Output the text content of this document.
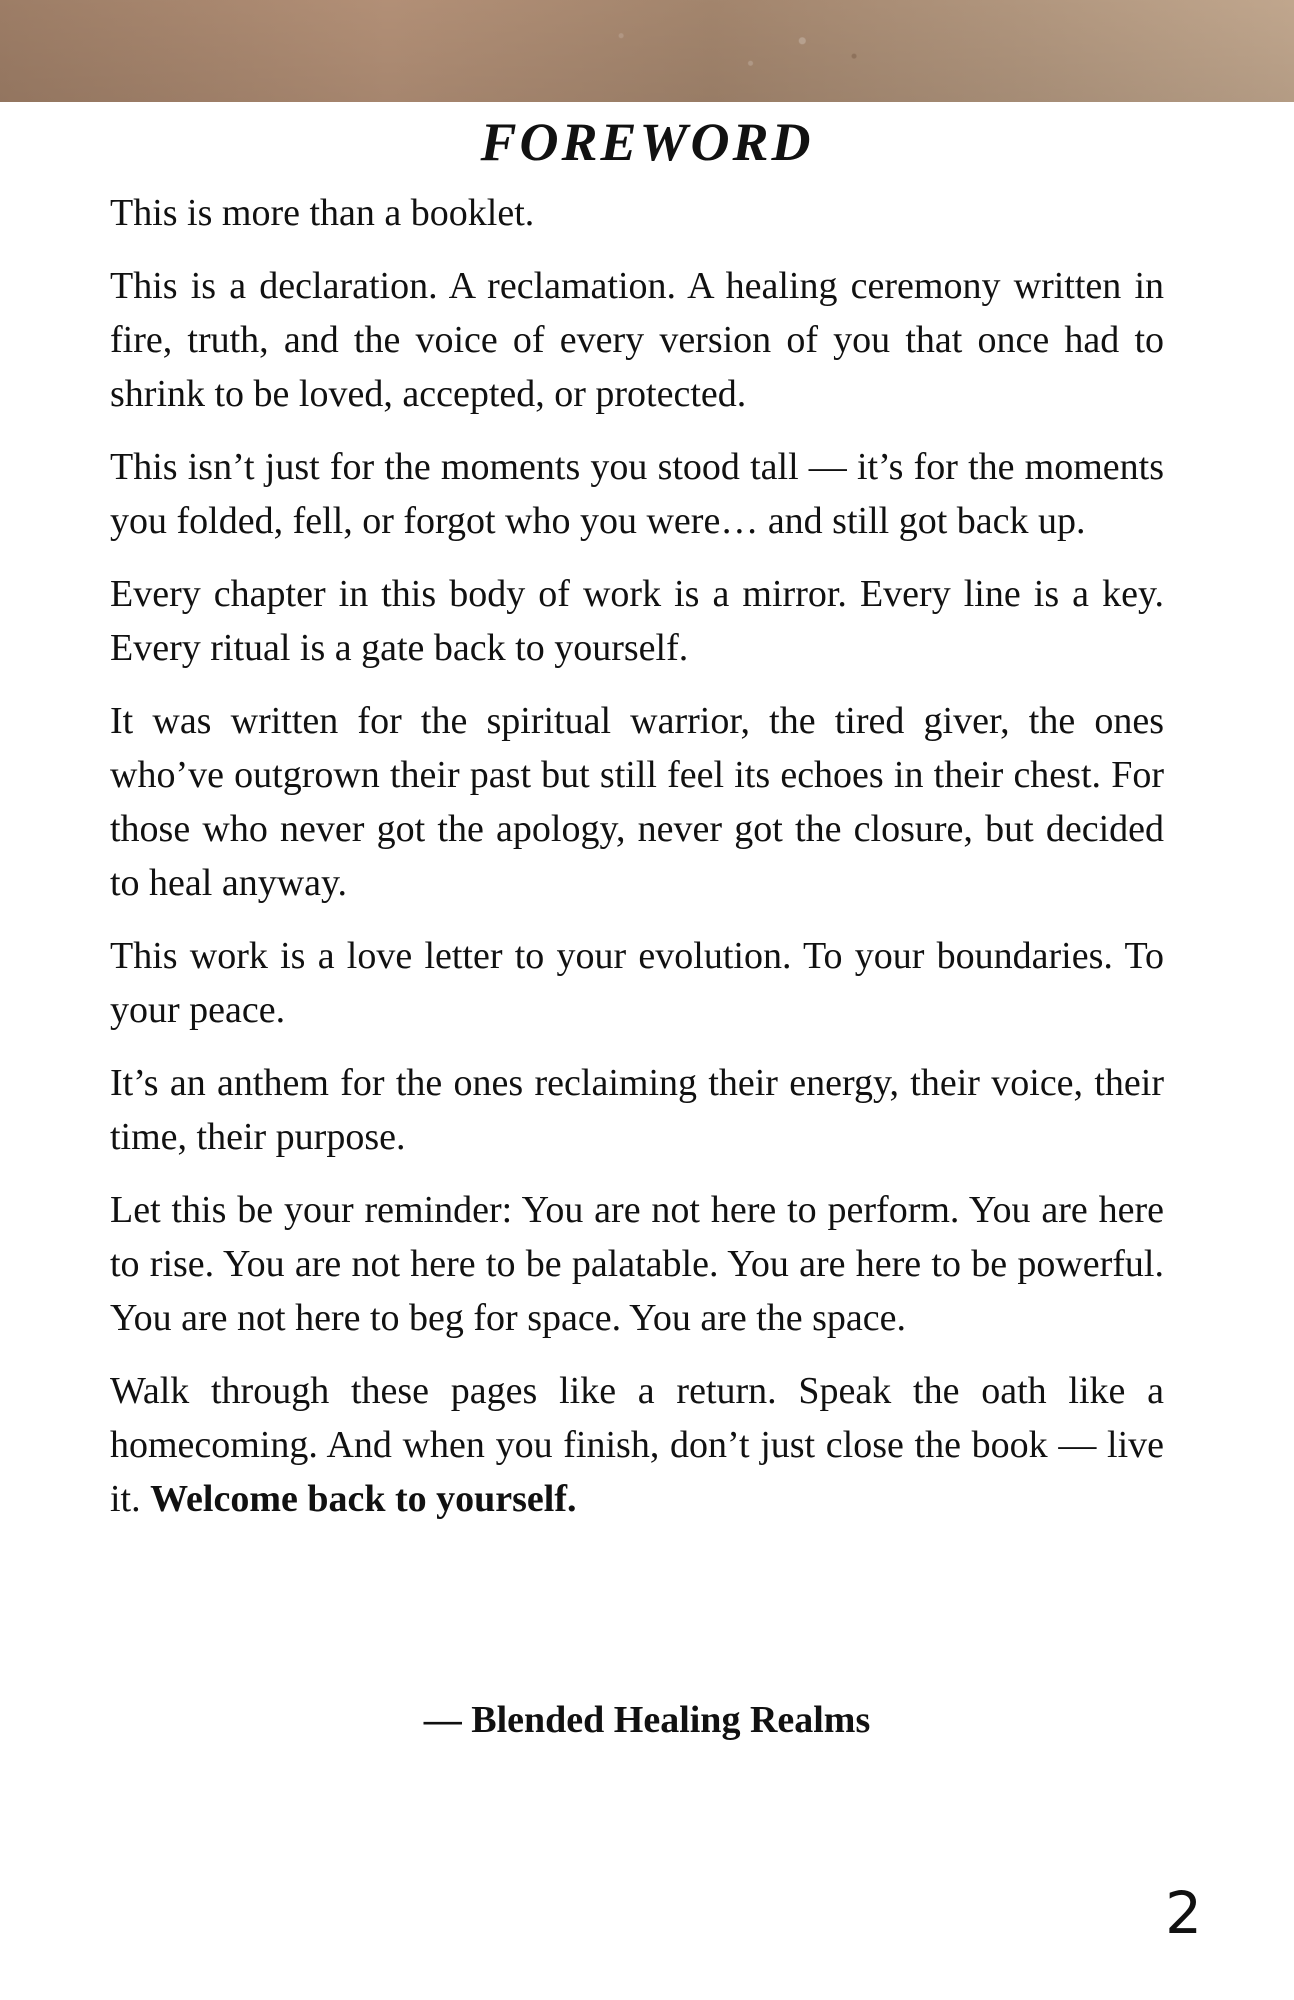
FOREWORD

This is more than a booklet.

This is a declaration. A reclamation. A healing ceremony written in fire, truth, and the voice of every version of you that once had to shrink to be loved, accepted, or protected.

This isn’t just for the moments you stood tall — it’s for the moments you folded, fell, or forgot who you were… and still got back up.

Every chapter in this body of work is a mirror. Every line is a key. Every ritual is a gate back to yourself.

It was written for the spiritual warrior, the tired giver, the ones who’ve outgrown their past but still feel its echoes in their chest. For those who never got the apology, never got the closure, but decided to heal anyway.

This work is a love letter to your evolution. To your boundaries. To your peace.

It’s an anthem for the ones reclaiming their energy, their voice, their time, their purpose.

Let this be your reminder: You are not here to perform. You are here to rise. You are not here to be palatable. You are here to be powerful. You are not here to beg for space. You are the space.

Walk through these pages like a return. Speak the oath like a homecoming. And when you finish, don’t just close the book — live it. Welcome back to yourself.

— Blended Healing Realms
2
